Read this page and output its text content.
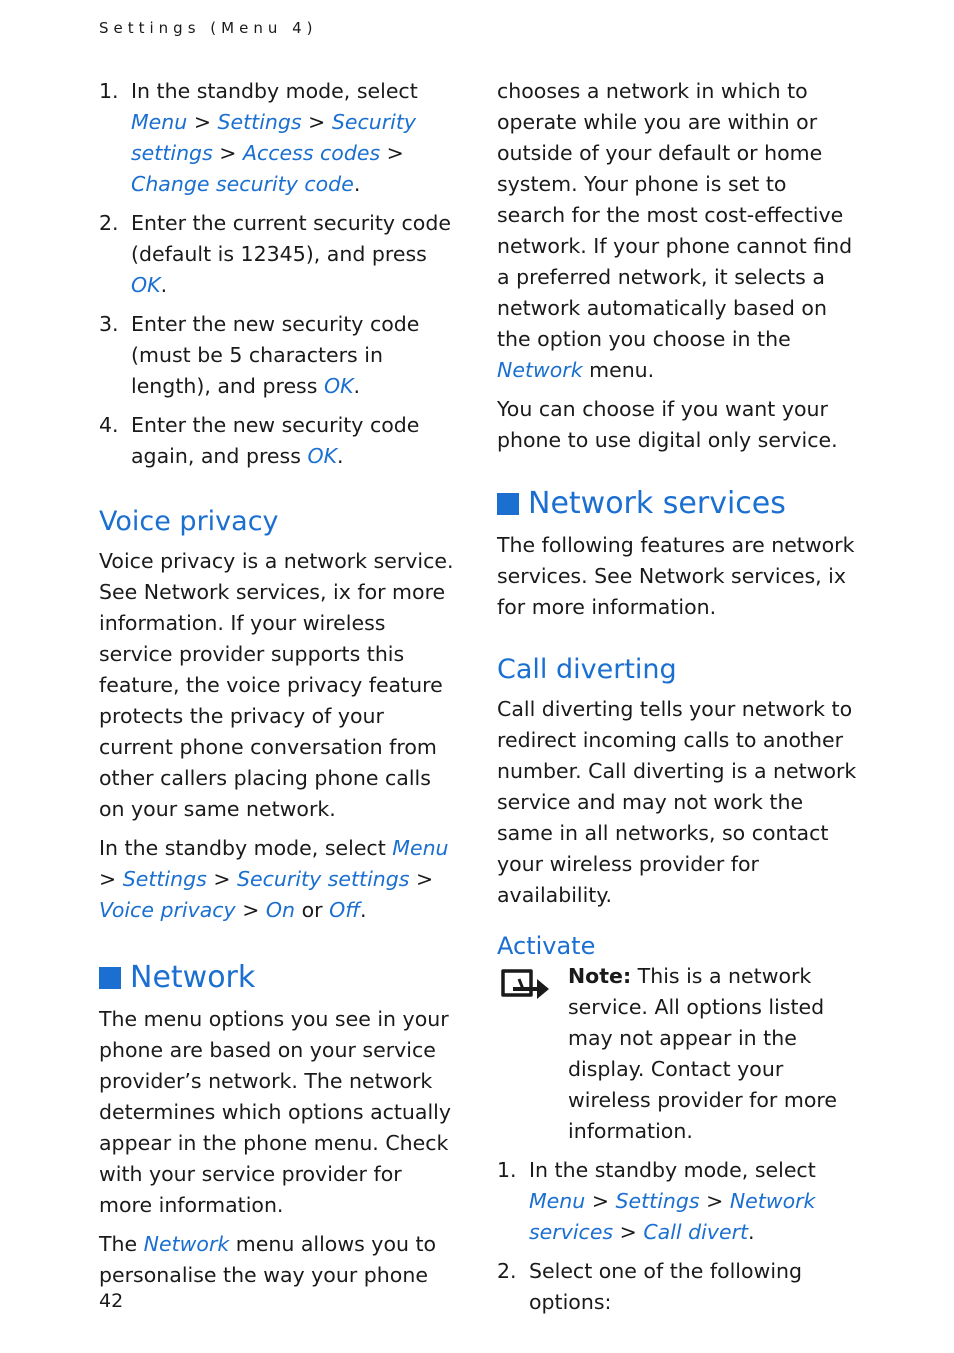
Settings (Menu 4)
1. In the standby mode, select Menu > Settings > Security settings > Access codes > Change security code.
2. Enter the current security code (default is 12345), and press OK.
3. Enter the new security code (must be 5 characters in length), and press OK.
4. Enter the new security code again, and press OK.
Voice privacy

Voice privacy is a network service. See Network services, ix for more information. If your wireless service provider supports this feature, the voice privacy feature protects the privacy of your current phone conversation from other callers placing phone calls on your same network.

In the standby mode, select Menu > Settings > Security settings > Voice privacy > On or Off.

Network

The menu options you see in your phone are based on your service provider’s network. The network determines which options actually appear in the phone menu. Check with your service provider for more information.

The Network menu allows you to personalise the way your phone

chooses a network in which to operate while you are within or outside of your default or home system. Your phone is set to search for the most cost-effective network. If your phone cannot find a preferred network, it selects a network automatically based on the option you choose in the Network menu.

You can choose if you want your phone to use digital only service.

Network services

The following features are network services. See Network services, ix for more information.

Call diverting

Call diverting tells your network to redirect incoming calls to another number. Call diverting is a network service and may not work the same in all networks, so contact your wireless provider for availability.

Activate

Note: This is a network service. All options listed may not appear in the display. Contact your wireless provider for more information.

1. In the standby mode, select Menu > Settings > Network services > Call divert.
2. Select one of the following options:
42
